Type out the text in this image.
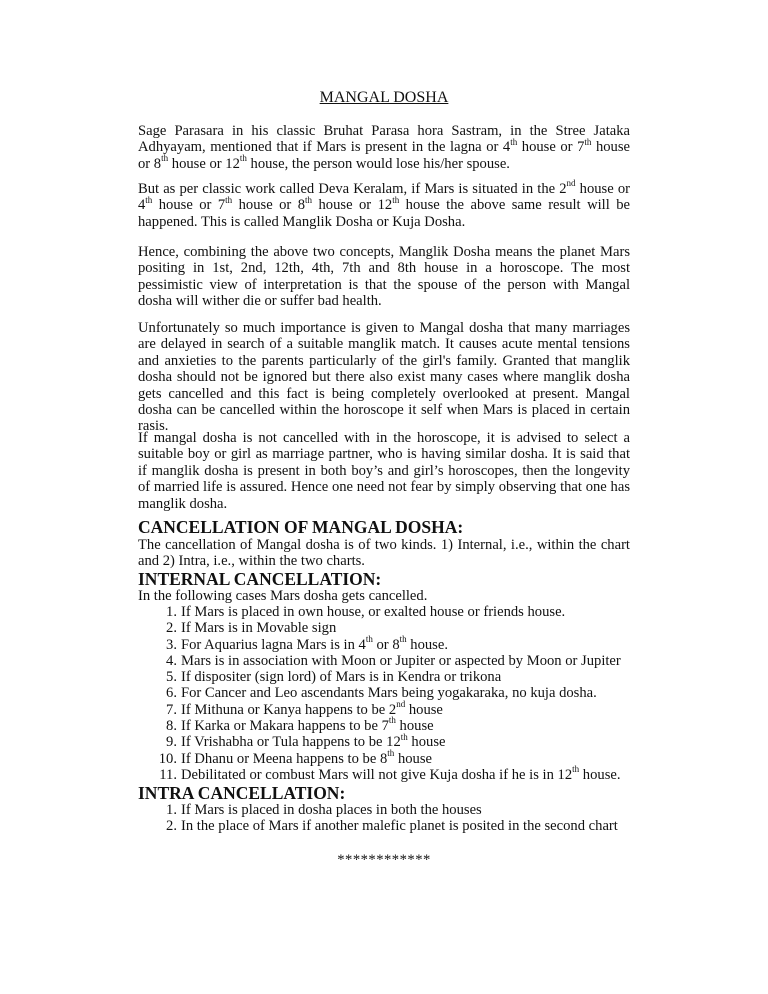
MANGAL DOSHA

Sage Parasara in his classic Bruhat Parasa hora Sastram, in the Stree Jataka Adhyayam, mentioned that if Mars is present in the lagna or 4th house or 7th house or 8th house or 12th house, the person would lose his/her spouse.

But as per classic work called Deva Keralam, if Mars is situated in the 2nd house or 4th house or 7th house or 8th house or 12th house the above same result will be happened. This is called Manglik Dosha or Kuja Dosha.

Hence, combining the above two concepts, Manglik Dosha means the planet Mars positing in 1st, 2nd, 12th, 4th, 7th and 8th house in a horoscope. The most pessimistic view of interpretation is that the spouse of the person with Mangal dosha will wither die or suffer bad health.

Unfortunately so much importance is given to Mangal dosha that many marriages are delayed in search of a suitable manglik match. It causes acute mental tensions and anxieties to the parents particularly of the girl's family. Granted that manglik dosha should not be ignored but there also exist many cases where manglik dosha gets cancelled and this fact is being completely overlooked at present. Mangal dosha can be cancelled within the horoscope it self when Mars is placed in certain rasis.

If mangal dosha is not cancelled with in the horoscope, it is advised to select a suitable boy or girl as marriage partner, who is having similar dosha. It is said that if manglik dosha is present in both boy’s and girl’s horoscopes, then the longevity of married life is assured. Hence one need not fear by simply observing that one has manglik dosha.

CANCELLATION OF MANGAL DOSHA:

The cancellation of Mangal dosha is of two kinds. 1) Internal, i.e., within the chart and 2) Intra, i.e., within the two charts.

INTERNAL CANCELLATION:

In the following cases Mars dosha gets cancelled.

1. If Mars is placed in own house, or exalted house or friends house.
2. If Mars is in Movable sign
3. For Aquarius lagna Mars is in 4th or 8th house.
4. Mars is in association with Moon or Jupiter or aspected by Moon or Jupiter
5. If dispositer (sign lord) of Mars is in Kendra or trikona
6. For Cancer and Leo ascendants Mars being yogakaraka, no kuja dosha.
7. If Mithuna or Kanya happens to be 2nd house
8. If Karka or Makara happens to be 7th house
9. If Vrishabha or Tula happens to be 12th house
10. If Dhanu or Meena happens to be 8th house
11. Debilitated or combust Mars will not give Kuja dosha if he is in 12th house.
INTRA CANCELLATION:
1. If Mars is placed in dosha places in both the houses
2. In the place of Mars if another malefic planet is posited in the second chart
************
